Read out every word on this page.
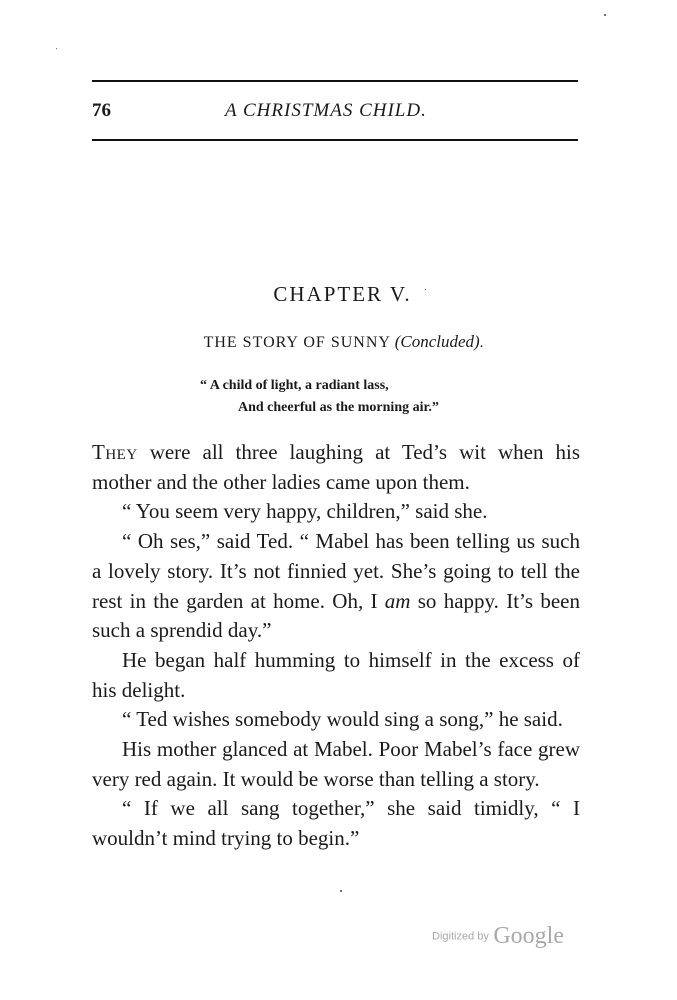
76	A CHRISTMAS CHILD.
CHAPTER V.
THE STORY OF SUNNY (Concluded).
“ A child of light, a radiant lass,
And cheerful as the morning air.”

They were all three laughing at Ted’s wit when his mother and the other ladies came upon them.

“ You seem very happy, children,” said she.

“ Oh ses,” said Ted. “ Mabel has been telling us such a lovely story. It’s not finnied yet. She’s going to tell the rest in the garden at home. Oh, I am so happy. It’s been such a sprendid day.”

He began half humming to himself in the excess of his delight.

“ Ted wishes somebody would sing a song,” he said.

His mother glanced at Mabel. Poor Mabel’s face grew very red again. It would be worse than telling a story.

“ If we all sang together,” she said timidly, “ I wouldn’t mind trying to begin.”

Digitized by Google
